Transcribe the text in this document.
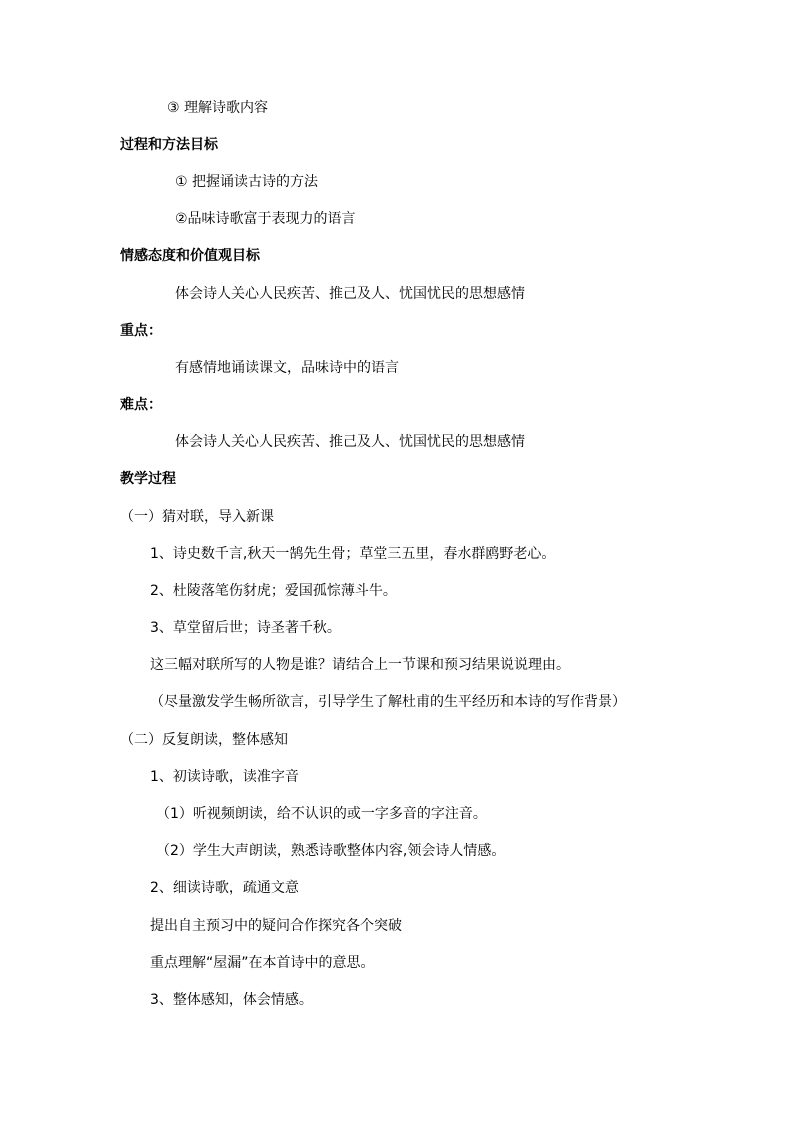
③ 理解诗歌内容
过程和方法目标
① 把握诵读古诗的方法
②品味诗歌富于表现力的语言
情感态度和价值观目标
体会诗人关心人民疾苦、推己及人、忧国忧民的思想感情
重点：
有感情地诵读课文，品味诗中的语言
难点：
体会诗人关心人民疾苦、推己及人、忧国忧民的思想感情
教学过程
（一）猜对联，导入新课
1、诗史数千言,秋天一鹄先生骨；草堂三五里，春水群鸥野老心。
2、杜陵落笔伤豺虎；爱国孤悰薄斗牛。
3、草堂留后世；诗圣著千秋。
这三幅对联所写的人物是谁？请结合上一节课和预习结果说说理由。
（尽量激发学生畅所欲言，引导学生了解杜甫的生平经历和本诗的写作背景）
（二）反复朗读，整体感知
1、初读诗歌，读准字音
（1）听视频朗读，给不认识的或一字多音的字注音。
（2）学生大声朗读，熟悉诗歌整体内容,领会诗人情感。
2、细读诗歌，疏通文意
提出自主预习中的疑问合作探究各个突破
重点理解“屋漏”在本首诗中的意思。
3、整体感知，体会情感。
